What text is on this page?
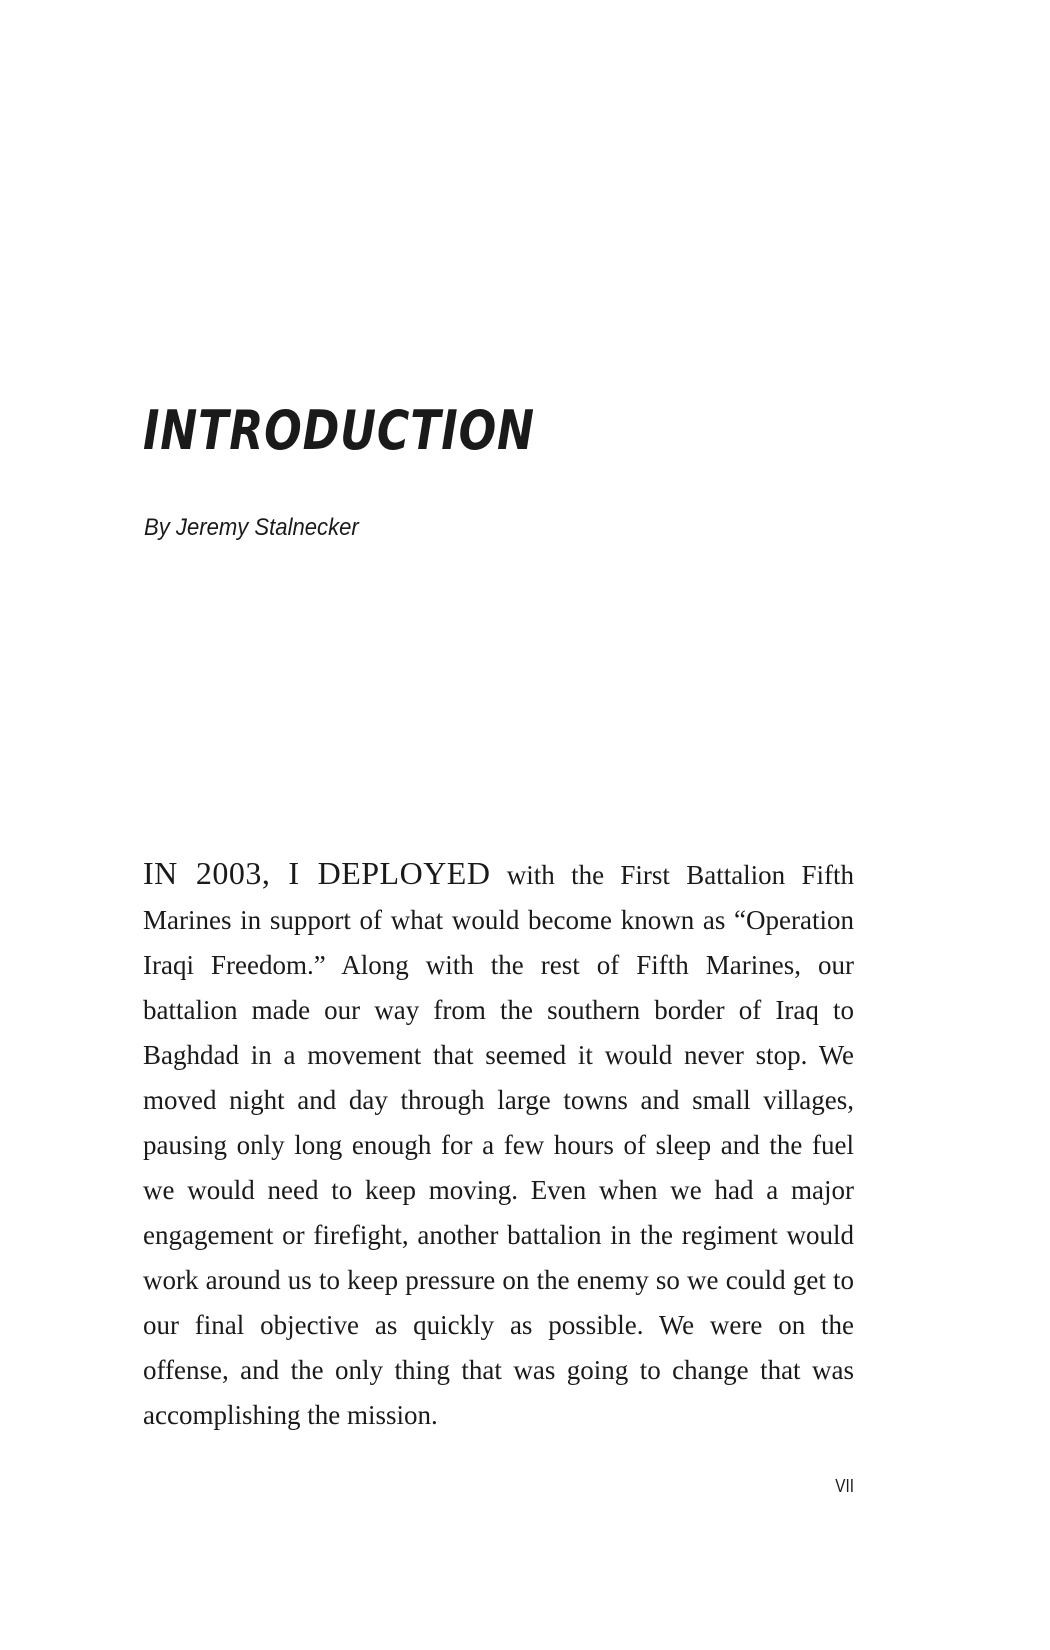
INTRODUCTION

By Jeremy Stalnecker

IN 2003, I DEPLOYED with the First Battalion Fifth Marines in support of what would become known as “Operation Iraqi Freedom.” Along with the rest of Fifth Marines, our battalion made our way from the southern border of Iraq to Baghdad in a movement that seemed it would never stop. We moved night and day through large towns and small villages, pausing only long enough for a few hours of sleep and the fuel we would need to keep moving. Even when we had a major engagement or firefight, another battalion in the regiment would work around us to keep pressure on the enemy so we could get to our final objective as quickly as possible. We were on the offense, and the only thing that was going to change that was accomplishing the mission.

VII
